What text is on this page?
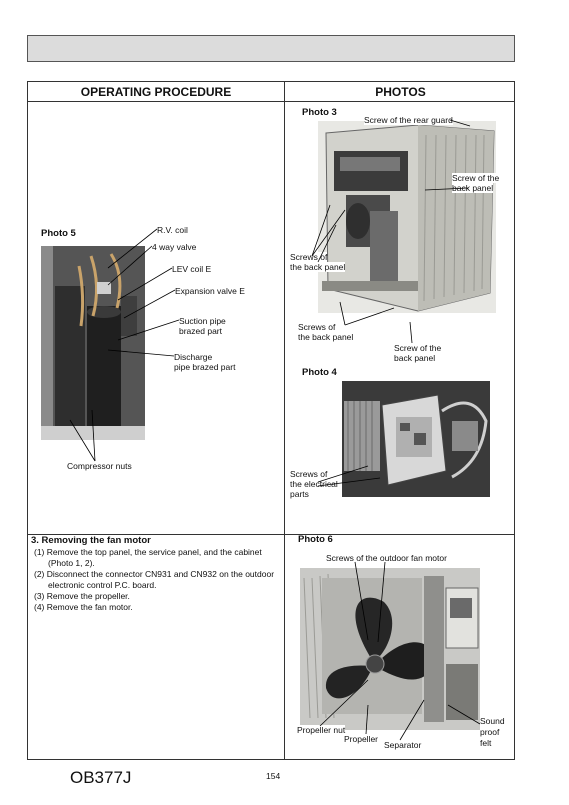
OPERATING PROCEDURE	PHOTOS
Photo 3
Screw of the rear guard
Screw of the
back panel
Screws of
the back panel
Screws of
the back panel
Screw of the
back panel
Photo 4
Screws of
the electrical
parts
Photo 5	R.V. coil
4 way valve
LEV coil E
Expansion valve E
Suction pipe
brazed part
Discharge
pipe brazed part
Compressor nuts
Photo 6
Screws of the outdoor fan motor
Propeller nut
Propeller
Separator
Sound
proof
felt
3. Removing the fan motor
(1) Remove the top panel, the service panel, and the cabinet (Photo 1, 2).
(2) Disconnect the connector CN931 and CN932 on the outdoor electronic control P.C. board.
(3) Remove the propeller.
(4) Remove the fan motor.
OB377J	154
